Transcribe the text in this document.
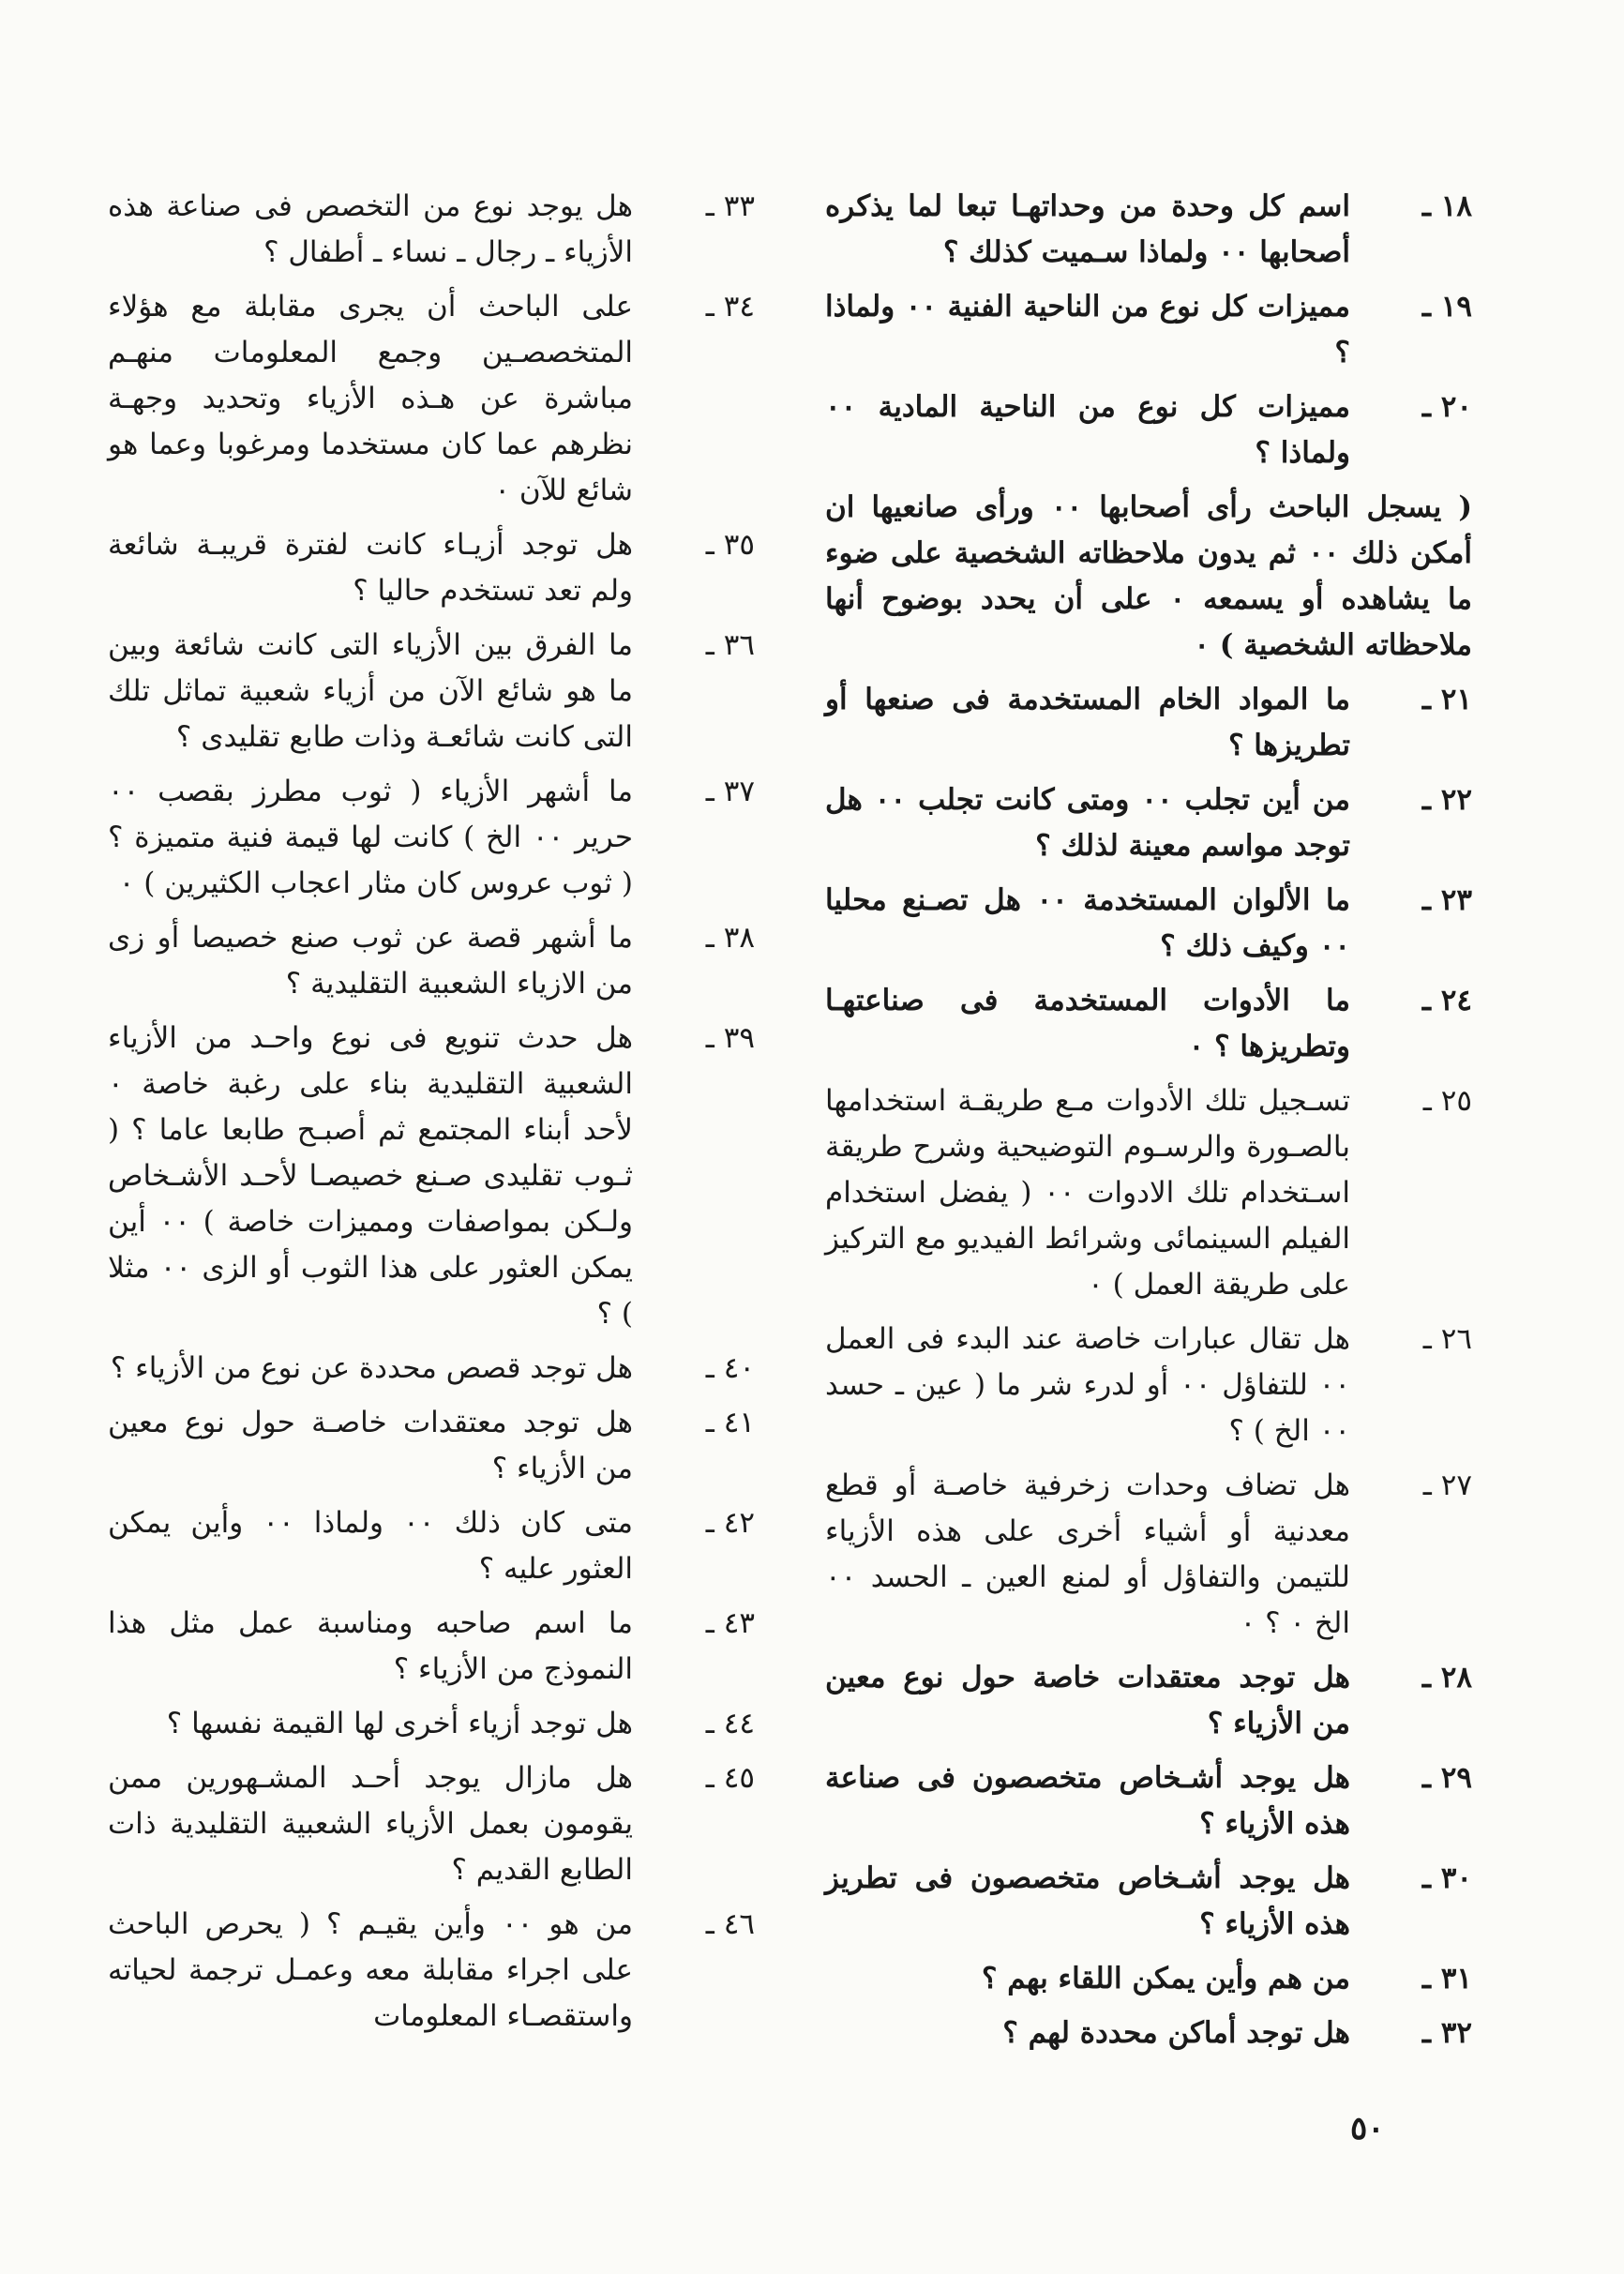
١٨ ـ
اسم كل وحدة من وحداتهـا تبعا لما يذكره أصحابها ٠٠ ولماذا سـميت كذلك ؟
١٩ ـ
مميزات كل نوع من الناحية الفنية ٠٠ ولماذا ؟
٢٠ ـ
مميزات كل نوع من الناحية المادية ٠٠ ولماذا ؟
( يسجل الباحث رأى أصحابها ٠٠ ورأى صانعيها ان أمكن ذلك ٠٠ ثم يدون ملاحظاته الشخصية على ضوء ما يشاهده أو يسمعه ٠ على أن يحدد بوضوح أنها ملاحظاته الشخصية ) ٠
٢١ ـ
ما المواد الخام المستخدمة فى صنعها أو تطريزها ؟
٢٢ ـ
من أين تجلب ٠٠ ومتى كانت تجلب ٠٠ هل توجد مواسم معينة لذلك ؟
٢٣ ـ
ما الألوان المستخدمة ٠٠ هل تصـنع محليا ٠٠ وكيف ذلك ؟
٢٤ ـ
ما الأدوات المستخدمة فى صناعتهـا وتطريزها ؟ ٠
٢٥ ـ
تسـجيل تلك الأدوات مـع طريقـة استخدامها بالصـورة والرسـوم التوضيحية وشرح طريقة اسـتخدام تلك الادوات ٠٠ ( يفضل استخدام الفيلم السينمائى وشرائط الفيديو مع التركيز على طريقة العمل ) ٠
٢٦ ـ
هل تقال عبارات خاصة عند البدء فى العمل ٠٠ للتفاؤل ٠٠ أو لدرء شر ما ( عين ـ حسد ٠٠ الخ ) ؟
٢٧ ـ
هل تضاف وحدات زخرفية خاصـة أو قطع معدنية أو أشياء أخرى على هذه الأزياء للتيمن والتفاؤل أو لمنع العين ـ الحسد ٠٠ الخ ٠ ؟ ٠
٢٨ ـ
هل توجد معتقدات خاصة حول نوع معين من الأزياء ؟
٢٩ ـ
هل يوجد أشـخاص متخصصون فى صناعة هذه الأزياء ؟
٣٠ ـ
هل يوجد أشـخاص متخصصون فى تطريز هذه الأزياء ؟
٣١ ـ
من هم وأين يمكن اللقاء بهم ؟
٣٢ ـ
هل توجد أماكن محددة لهم ؟
٣٣ ـ
هل يوجد نوع من التخصص فى صناعة هذه الأزياء ـ رجال ـ نساء ـ أطفال ؟
٣٤ ـ
على الباحث أن يجرى مقابلة مع هؤلاء المتخصصـين وجمع المعلومات منهـم مباشرة عن هـذه الأزياء وتحديد وجهـة نظرهم عما كان مستخدما ومرغوبا وعما هو شائع للآن ٠
٣٥ ـ
هل توجد أزيـاء كانت لفترة قريبـة شائعة ولم تعد تستخدم حاليا ؟
٣٦ ـ
ما الفرق بين الأزياء التى كانت شائعة وبين ما هو شائع الآن من أزياء شعبية تماثل تلك التى كانت شائعـة وذات طابع تقليدى ؟
٣٧ ـ
ما أشهر الأزياء ( ثوب مطرز بقصب ٠٠ حرير ٠٠ الخ ) كانت لها قيمة فنية متميزة ؟ ( ثوب عروس كان مثار اعجاب الكثيرين ) ٠
٣٨ ـ
ما أشهر قصة عن ثوب صنع خصيصا أو زى من الازياء الشعبية التقليدية ؟
٣٩ ـ
هل حدث تنويع فى نوع واحـد من الأزياء الشعبية التقليدية بناء على رغبة خاصة ٠ لأحد أبناء المجتمع ثم أصبـح طابعا عاما ؟ ( ثـوب تقليدى صـنع خصيصـا لأحـد الأشـخاص ولـكن بمواصفات ومميزات خاصة ) ٠٠ أين يمكن العثور على هذا الثوب أو الزى ٠٠ مثلا ) ؟
٤٠ ـ
هل توجد قصص محددة عن نوع من الأزياء ؟
٤١ ـ
هل توجد معتقدات خاصـة حول نوع معين من الأزياء ؟
٤٢ ـ
متى كان ذلك ٠٠ ولماذا ٠٠ وأين يمكن العثور عليه ؟
٤٣ ـ
ما اسم صاحبه ومناسبة عمل مثل هذا النموذج من الأزياء ؟
٤٤ ـ
هل توجد أزياء أخرى لها القيمة نفسها ؟
٤٥ ـ
هل مازال يوجد أحـد المشـهورين ممن يقومون بعمل الأزياء الشعبية التقليدية ذات الطابع القديم ؟
٤٦ ـ
من هو ٠٠ وأين يقيـم ؟ ( يحرص الباحث على اجراء مقابلة معه وعمـل ترجمة لحياته واستقصـاء المعلومات
٥٠
